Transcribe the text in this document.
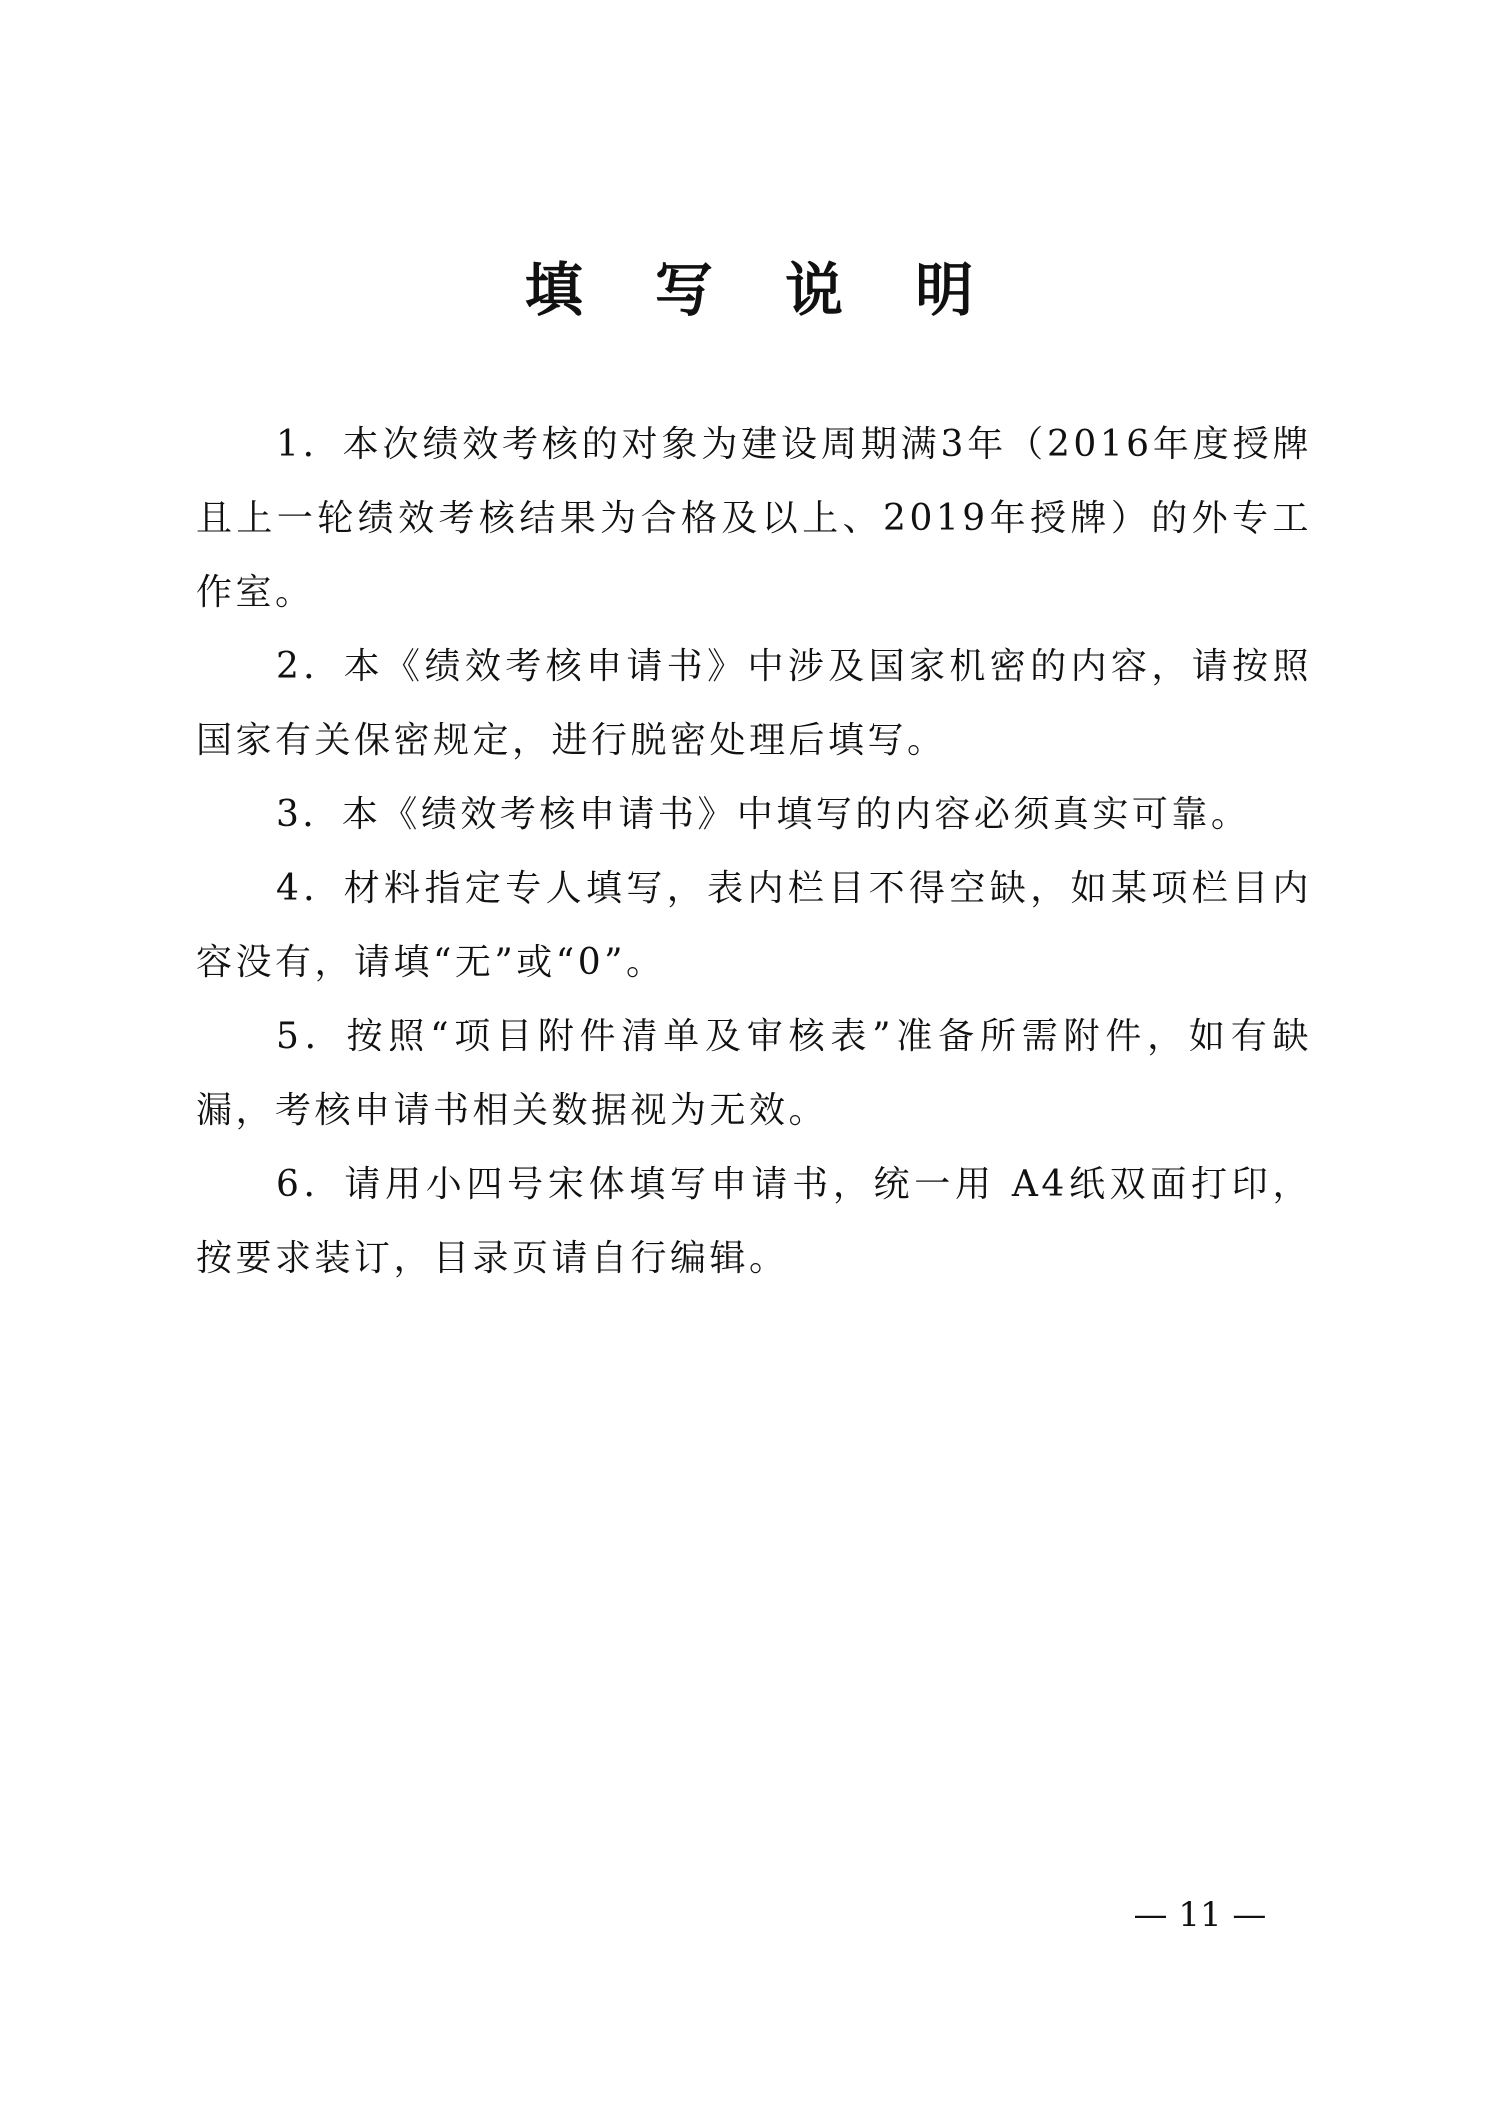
填 写 说 明

1．本次绩效考核的对象为建设周期满3年（2016年度授牌且上一轮绩效考核结果为合格及以上、2019年授牌）的外专工作室。

2．本《绩效考核申请书》中涉及国家机密的内容，请按照国家有关保密规定，进行脱密处理后填写。

3．本《绩效考核申请书》中填写的内容必须真实可靠。

4．材料指定专人填写，表内栏目不得空缺，如某项栏目内容没有，请填“无”或“0”。

5．按照“项目附件清单及审核表”准备所需附件，如有缺漏，考核申请书相关数据视为无效。

6．请用小四号宋体填写申请书，统一用 A4纸双面打印，按要求装订，目录页请自行编辑。

— 11 —
